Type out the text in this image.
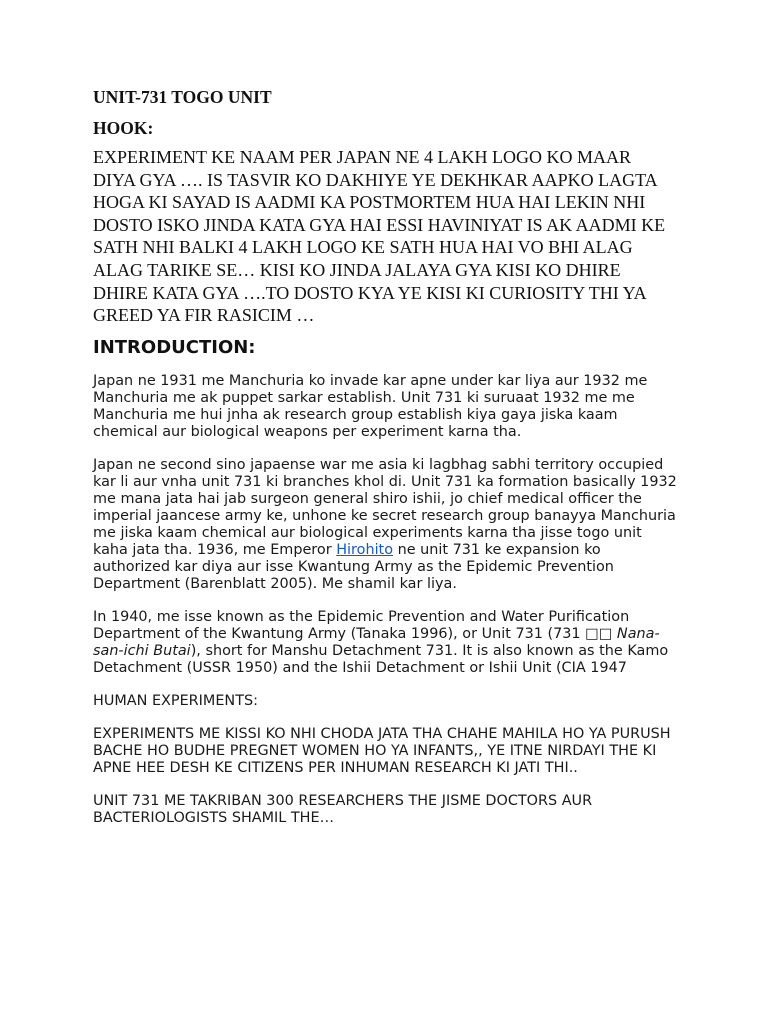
UNIT-731 TOGO UNIT
HOOK:

EXPERIMENT KE NAAM PER JAPAN NE 4 LAKH LOGO KO MAAR DIYA GYA …. IS TASVIR KO DAKHIYE YE DEKHKAR AAPKO LAGTA HOGA KI SAYAD IS AADMI KA POSTMORTEM HUA HAI LEKIN NHI DOSTO ISKO JINDA KATA GYA HAI ESSI HAVINIYAT IS AK AADMI KE SATH NHI BALKI 4 LAKH LOGO KE SATH HUA HAI VO BHI ALAG ALAG TARIKE SE… KISI KO JINDA JALAYA GYA KISI KO DHIRE DHIRE KATA GYA ….TO DOSTO KYA YE KISI KI CURIOSITY THI YA GREED YA FIR RASICIM …

INTRODUCTION:

Japan ne 1931 me Manchuria ko invade kar apne under kar liya aur 1932 me Manchuria me ak puppet sarkar establish. Unit 731 ki suruaat 1932 me me Manchuria me hui jnha ak research group establish kiya gaya jiska kaam chemical aur biological weapons per experiment karna tha.

Japan ne second sino japaense war me asia ki lagbhag sabhi territory occupied kar li aur vnha unit 731 ki branches khol di. Unit 731 ka formation basically 1932 me mana jata hai jab surgeon general shiro ishii, jo chief medical officer the imperial jaancese army ke, unhone ke secret research group banayya Manchuria me jiska kaam chemical aur biological experiments karna tha jisse togo unit kaha jata tha. 1936, me Emperor Hirohito ne unit 731 ke expansion ko authorized kar diya aur isse Kwantung Army as the Epidemic Prevention Department (Barenblatt 2005). Me shamil kar liya.

In 1940, me isse known as the Epidemic Prevention and Water Purification Department of the Kwantung Army (Tanaka 1996), or Unit 731 (731 □□ Nana-san-ichi Butai), short for Manshu Detachment 731. It is also known as the Kamo Detachment (USSR 1950) and the Ishii Detachment or Ishii Unit (CIA 1947

HUMAN EXPERIMENTS:

EXPERIMENTS ME KISSI KO NHI CHODA JATA THA CHAHE MAHILA HO YA PURUSH BACHE HO BUDHE PREGNET WOMEN HO YA INFANTS,, YE ITNE NIRDAYI THE KI APNE HEE DESH KE CITIZENS PER INHUMAN RESEARCH KI JATI THI..

UNIT 731 ME TAKRIBAN 300 RESEARCHERS THE JISME DOCTORS AUR BACTERIOLOGISTS SHAMIL THE…
